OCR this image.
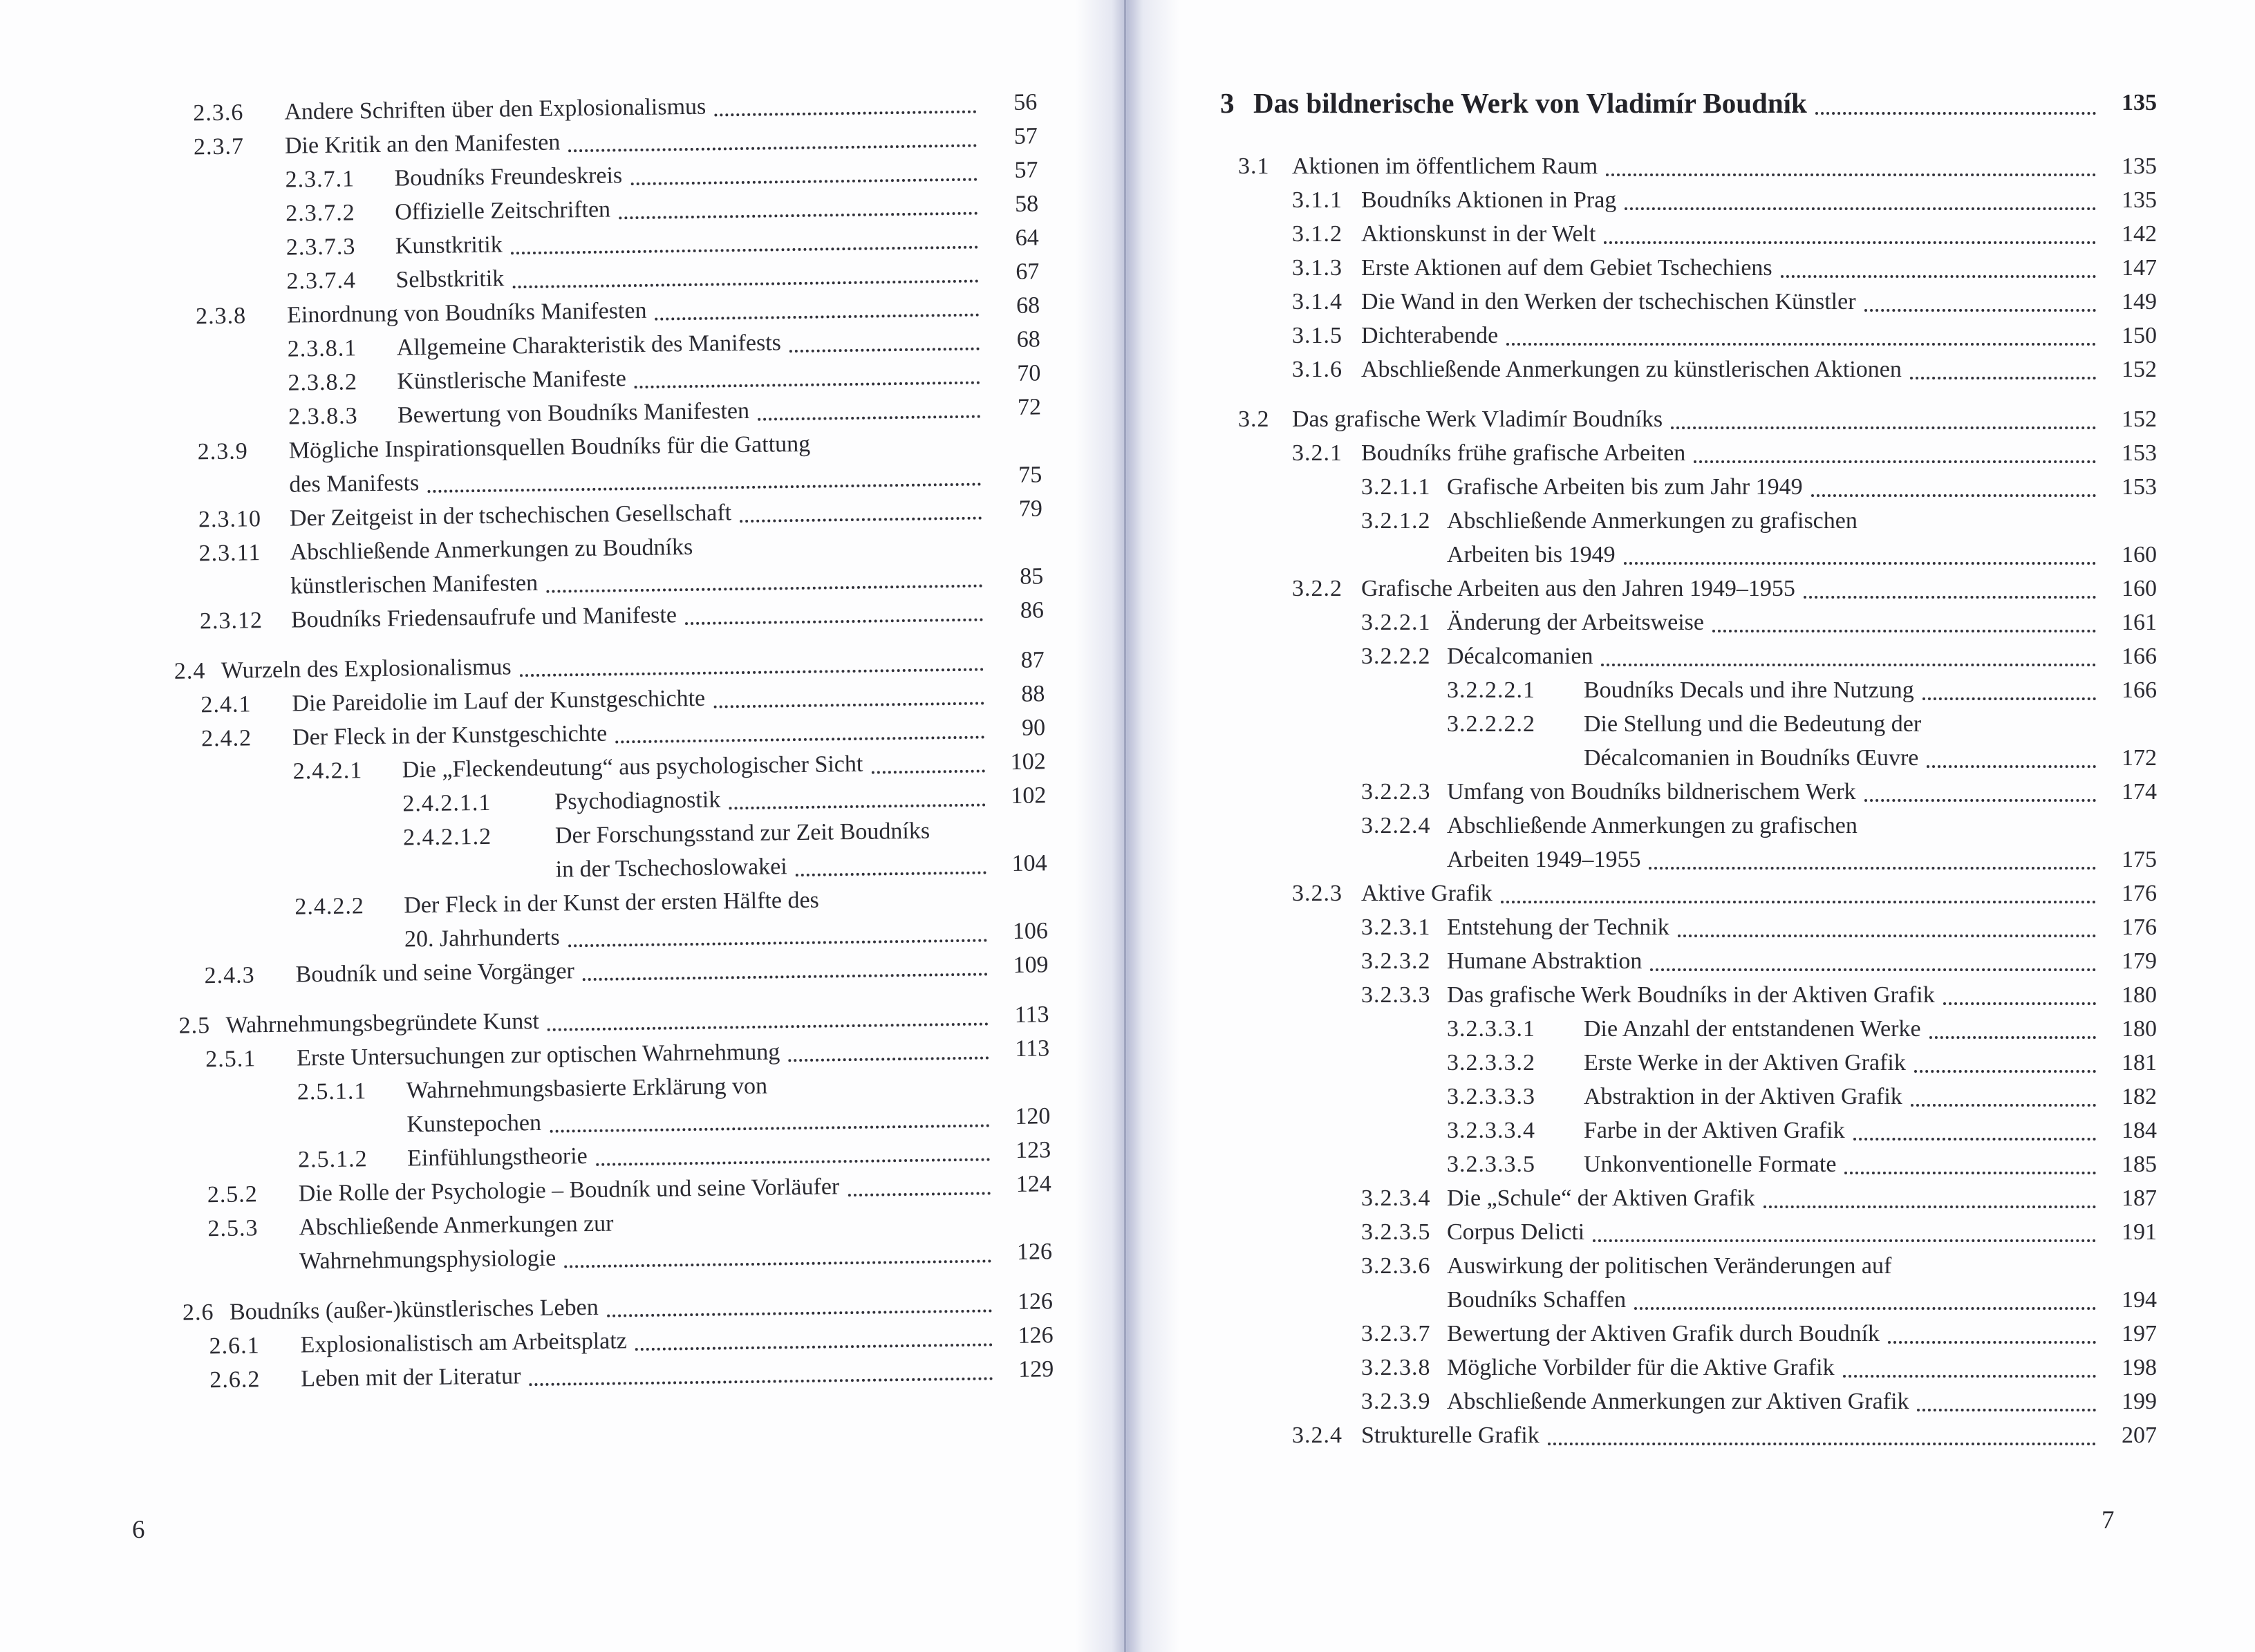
2.3.6	Andere Schriften über den Explosionalismus	56
2.3.7	Die Kritik an den Manifesten	57
2.3.7.1	Boudníks Freundeskreis	57
2.3.7.2	Offizielle Zeitschriften	58
2.3.7.3	Kunstkritik	64
2.3.7.4	Selbstkritik	67
2.3.8	Einordnung von Boudníks Manifesten	68
2.3.8.1	Allgemeine Charakteristik des Manifests	68
2.3.8.2	Künstlerische Manifeste	70
2.3.8.3	Bewertung von Boudníks Manifesten	72
2.3.9	Mögliche Inspirationsquellen Boudníks für die Gattung
des Manifests	75
2.3.10	Der Zeitgeist in der tschechischen Gesellschaft	79
2.3.11	Abschließende Anmerkungen zu Boudníks
künstlerischen Manifesten	85
2.3.12	Boudníks Friedensaufrufe und Manifeste	86
2.4 Wurzeln des Explosionalismus	87
2.4.1	Die Pareidolie im Lauf der Kunstgeschichte	88
2.4.2	Der Fleck in der Kunstgeschichte	90
2.4.2.1	Die „Fleckendeutung“ aus psychologischer Sicht	102
2.4.2.1.1	Psychodiagnostik	102
2.4.2.1.2	Der Forschungsstand zur Zeit Boudníks
in der Tschechoslowakei	104
2.4.2.2	Der Fleck in der Kunst der ersten Hälfte des
20. Jahrhunderts	106
2.4.3	Boudník und seine Vorgänger	109
2.5 Wahrnehmungsbegründete Kunst	113
2.5.1	Erste Untersuchungen zur optischen Wahrnehmung	113
2.5.1.1	Wahrnehmungsbasierte Erklärung von
Kunstepochen	120
2.5.1.2	Einfühlungstheorie	123
2.5.2	Die Rolle der Psychologie – Boudník und seine Vorläufer	124
2.5.3	Abschließende Anmerkungen zur
Wahrnehmungsphysiologie	126
2.6 Boudníks (außer-)künstlerisches Leben	126
2.6.1	Explosionalistisch am Arbeitsplatz	126
2.6.2	Leben mit der Literatur	129
3 Das bildnerische Werk von Vladimír Boudník	135
3.1 Aktionen im öffentlichem Raum	135
3.1.1 Boudníks Aktionen in Prag	135
3.1.2 Aktionskunst in der Welt	142
3.1.3 Erste Aktionen auf dem Gebiet Tschechiens	147
3.1.4 Die Wand in den Werken der tschechischen Künstler	149
3.1.5 Dichterabende	150
3.1.6 Abschließende Anmerkungen zu künstlerischen Aktionen	152
3.2 Das grafische Werk Vladimír Boudníks	152
3.2.1 Boudníks frühe grafische Arbeiten	153
3.2.1.1 Grafische Arbeiten bis zum Jahr 1949	153
3.2.1.2 Abschließende Anmerkungen zu grafischen
Arbeiten bis 1949	160
3.2.2 Grafische Arbeiten aus den Jahren 1949–1955	160
3.2.2.1 Änderung der Arbeitsweise	161
3.2.2.2 Décalcomanien	166
3.2.2.2.1	Boudníks Decals und ihre Nutzung	166
3.2.2.2.2	Die Stellung und die Bedeutung der
Décalcomanien in Boudníks Œuvre	172
3.2.2.3 Umfang von Boudníks bildnerischem Werk	174
3.2.2.4 Abschließende Anmerkungen zu grafischen
Arbeiten 1949–1955	175
3.2.3 Aktive Grafik	176
3.2.3.1 Entstehung der Technik	176
3.2.3.2 Humane Abstraktion	179
3.2.3.3 Das grafische Werk Boudníks in der Aktiven Grafik	180
3.2.3.3.1	Die Anzahl der entstandenen Werke	180
3.2.3.3.2	Erste Werke in der Aktiven Grafik	181
3.2.3.3.3	Abstraktion in der Aktiven Grafik	182
3.2.3.3.4	Farbe in der Aktiven Grafik	184
3.2.3.3.5	Unkonventionelle Formate	185
3.2.3.4 Die „Schule“ der Aktiven Grafik	187
3.2.3.5 Corpus Delicti	191
3.2.3.6 Auswirkung der politischen Veränderungen auf
Boudníks Schaffen	194
3.2.3.7 Bewertung der Aktiven Grafik durch Boudník	197
3.2.3.8 Mögliche Vorbilder für die Aktive Grafik	198
3.2.3.9 Abschließende Anmerkungen zur Aktiven Grafik	199
3.2.4 Strukturelle Grafik	207
6	7
